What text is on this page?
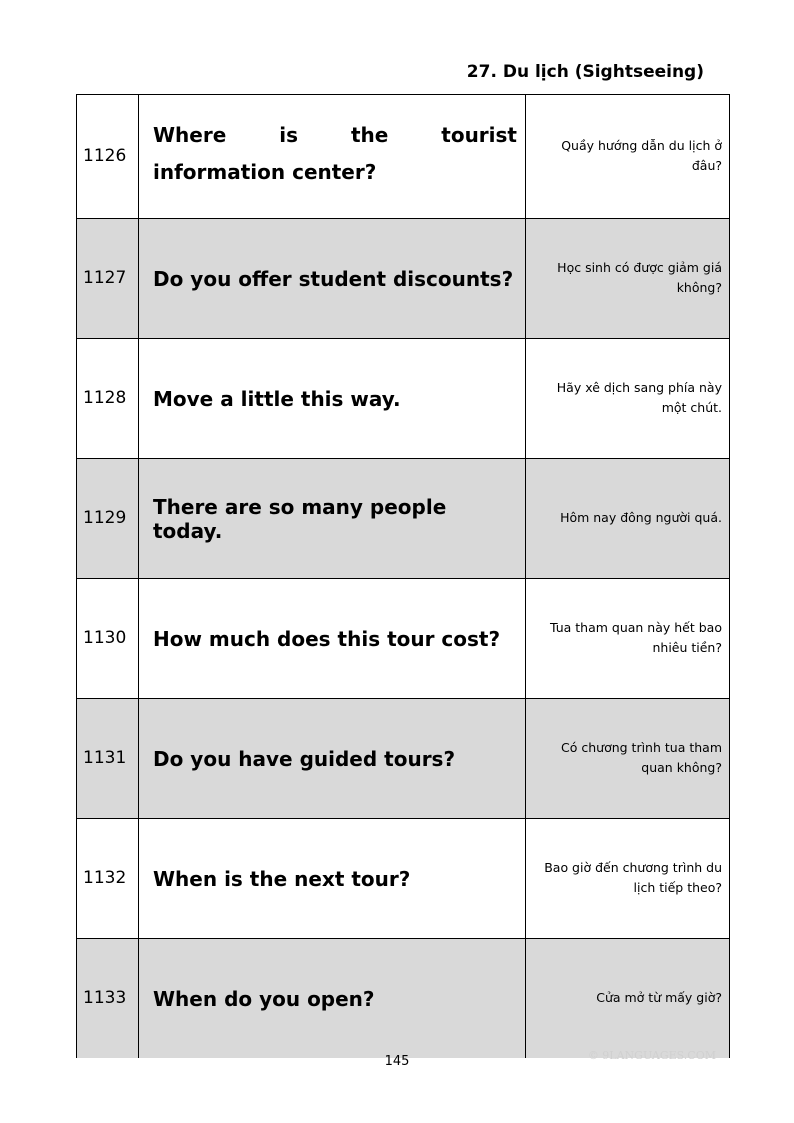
27. Du lịch (Sightseeing)
1126	Where is the tourist information center?	Quầy hướng dẫn du lịch ở đâu?
1127	Do you offer student discounts?	Học sinh có được giảm giá không?
1128	Move a little this way.	Hãy xê dịch sang phía này một chút.
1129	There are so many people today.	Hôm nay đông người quá.
1130	How much does this tour cost?	Tua tham quan này hết bao nhiêu tiền?
1131	Do you have guided tours?	Có chương trình tua tham quan không?
1132	When is the next tour?	Bao giờ đến chương trình du lịch tiếp theo?
1133	When do you open?	Cửa mở từ mấy giờ?
145	© 9LANGUAGES.COM
